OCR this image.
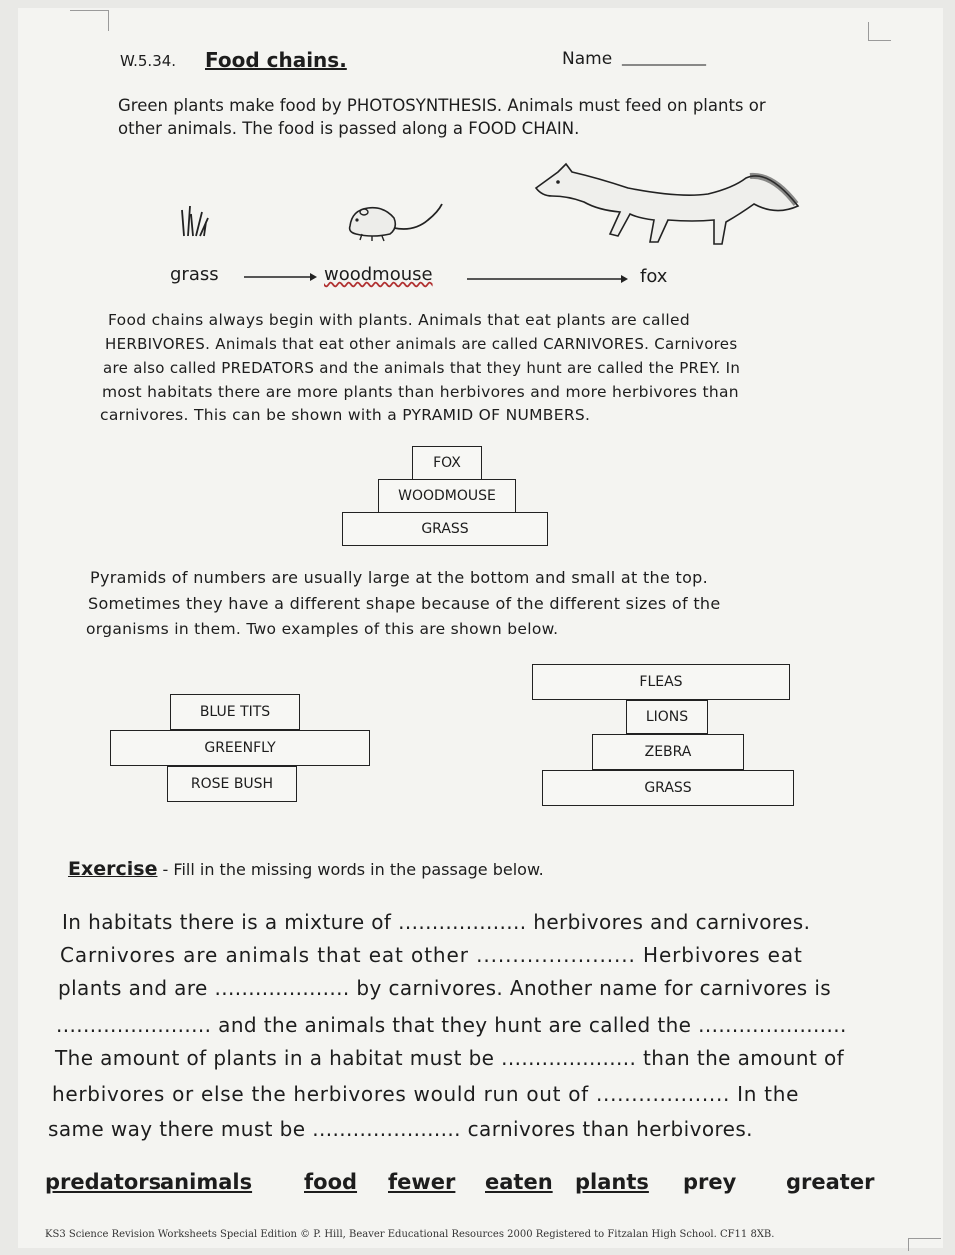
W.5.34. Food chains.	Name ____________
Green plants make food by PHOTOSYNTHESIS. Animals must feed on plants or
other animals. The food is passed along a FOOD CHAIN.
grass	woodmouse	fox
Food chains always begin with plants. Animals that eat plants are called
HERBIVORES. Animals that eat other animals are called CARNIVORES. Carnivores
are also called PREDATORS and the animals that they hunt are called the PREY. In
most habitats there are more plants than herbivores and more herbivores than
carnivores. This can be shown with a PYRAMID OF NUMBERS.
FOX
WOODMOUSE
GRASS
Pyramids of numbers are usually large at the bottom and small at the top.
Sometimes they have a different shape because of the different sizes of the
organisms in them. Two examples of this are shown below.
BLUE TITS
GREENFLY
ROSE BUSH
FLEAS
LIONS
ZEBRA
GRASS
Exercise - Fill in the missing words in the passage below.
In habitats there is a mixture of ................... herbivores and carnivores.
Carnivores are animals that eat other ...................... Herbivores eat
plants and are .................... by carnivores. Another name for carnivores is
....................... and the animals that they hunt are called the ......................
The amount of plants in a habitat must be .................... than the amount of
herbivores or else the herbivores would run out of ................... In the
same way there must be ...................... carnivores than herbivores.
predators
animals food fewer eaten plants prey greater
KS3 Science Revision Worksheets Special Edition © P. Hill, Beaver Educational Resources 2000 Registered to Fitzalan High School. CF11 8XB.
